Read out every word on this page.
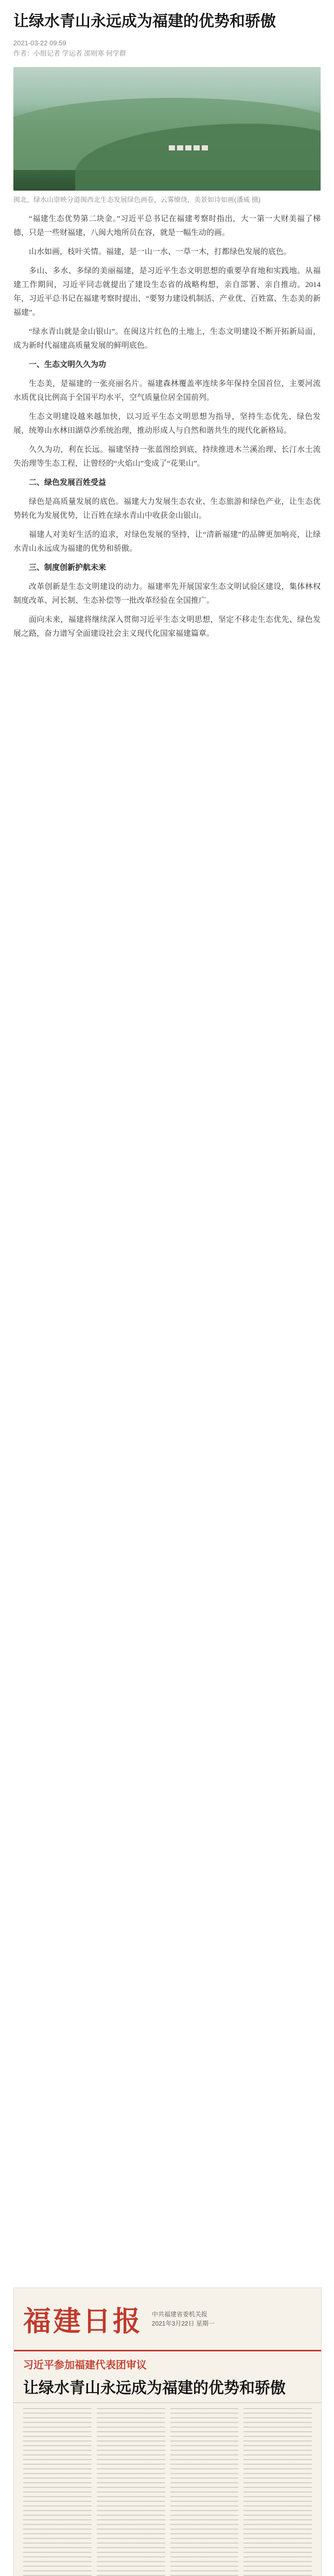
让绿水青山永远成为福建的优势和骄傲
2021-03-22 09:59
作者：小组记者 学运者 邵则寒 何学群
闽北，绿水山崇映分道闽西北生态发展绿色画卷，云雾缭绕，美景如诗如画(潘威 摄)

“福建生态优势第二块金。”习近平总书记在福建考察时指出，大一第一大财美福了梯德，只是一些财福建，八闽大地所员在容，就是一幅生动的画。

山水如画，枝叶关情。福建，是一山一水、一草一木，打都绿色发展的底色。

多山、多水、多绿的美丽福建，是习近平生态文明思想的重要孕育地和实践地。从福建工作期间，习近平同志就提出了建设生态省的战略构想，亲自部署、亲自推动。2014年，习近平总书记在福建考察时提出，“要努力建设机制活、产业优、百姓富、生态美的新福建”。

“绿水青山就是金山银山”。在闽这片红色的土地上，生态文明建设不断开拓新局面，成为新时代福建高质量发展的鲜明底色。

一、生态文明久久为功

生态美，是福建的一张亮丽名片。福建森林覆盖率连续多年保持全国首位，主要河流水质优良比例高于全国平均水平，空气质量位居全国前列。

生态文明建设越来越加快，以习近平生态文明思想为指导，坚持生态优先、绿色发展，统筹山水林田湖草沙系统治理，推动形成人与自然和谐共生的现代化新格局。

久久为功，利在长远。福建坚持一张蓝图绘到底，持续推进木兰溪治理、长汀水土流失治理等生态工程，让曾经的“火焰山”变成了“花果山”。

二、绿色发展百姓受益

绿色是高质量发展的底色。福建大力发展生态农业、生态旅游和绿色产业，让生态优势转化为发展优势，让百姓在绿水青山中收获金山银山。

福建人对美好生活的追求，对绿色发展的坚持，让“清新福建”的品牌更加响亮，让绿水青山永远成为福建的优势和骄傲。

三、制度创新护航未来

改革创新是生态文明建设的动力。福建率先开展国家生态文明试验区建设，集体林权制度改革、河长制、生态补偿等一批改革经验在全国推广。

面向未来，福建将继续深入贯彻习近平生态文明思想，坚定不移走生态优先、绿色发展之路，奋力谱写全面建设社会主义现代化国家福建篇章。

福建日报 中共福建省委机关报
2021年3月22日 星期一
习近平参加福建代表团审议
让绿水青山永远成为福建的优势和骄傲
